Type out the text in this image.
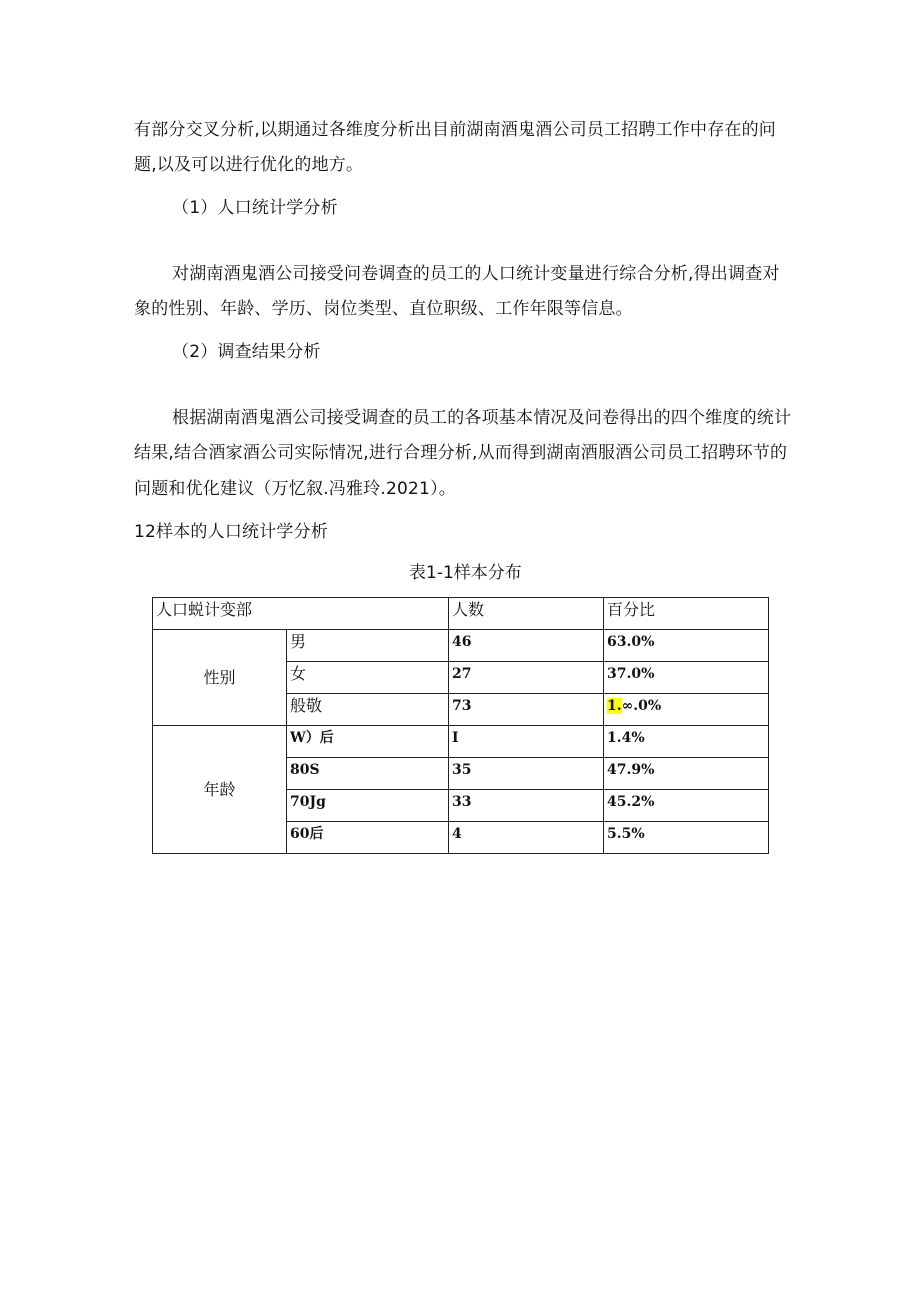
有部分交叉分析,以期通过各维度分析出目前湖南酒鬼酒公司员工招聘工作中存在的问
题,以及可以进行优化的地方。
（1）人口统计学分析
对湖南酒鬼酒公司接受问卷调查的员工的人口统计变量进行综合分析,得出调查对
象的性别、年龄、学历、岗位类型、直位职级、工作年限等信息。
（2）调查结果分析
根据湖南酒鬼酒公司接受调查的员工的各项基本情况及问卷得出的四个维度的统计
结果,结合酒家酒公司实际情况,进行合理分析,从而得到湖南酒服酒公司员工招聘环节的
问题和优化建议（万忆叙.冯雅玲.2021）。
12样本的人口统计学分析
表1-1样本分布
人口蜕计变部		人数	百分比
性别	男	46	63.0%
	女	27	37.0%
	般敬	73	1.∞.0%
年龄	W）后	I	1.4%
	80S	35	47.9%
	70Jg	33	45.2%
	60后	4	5.5%
